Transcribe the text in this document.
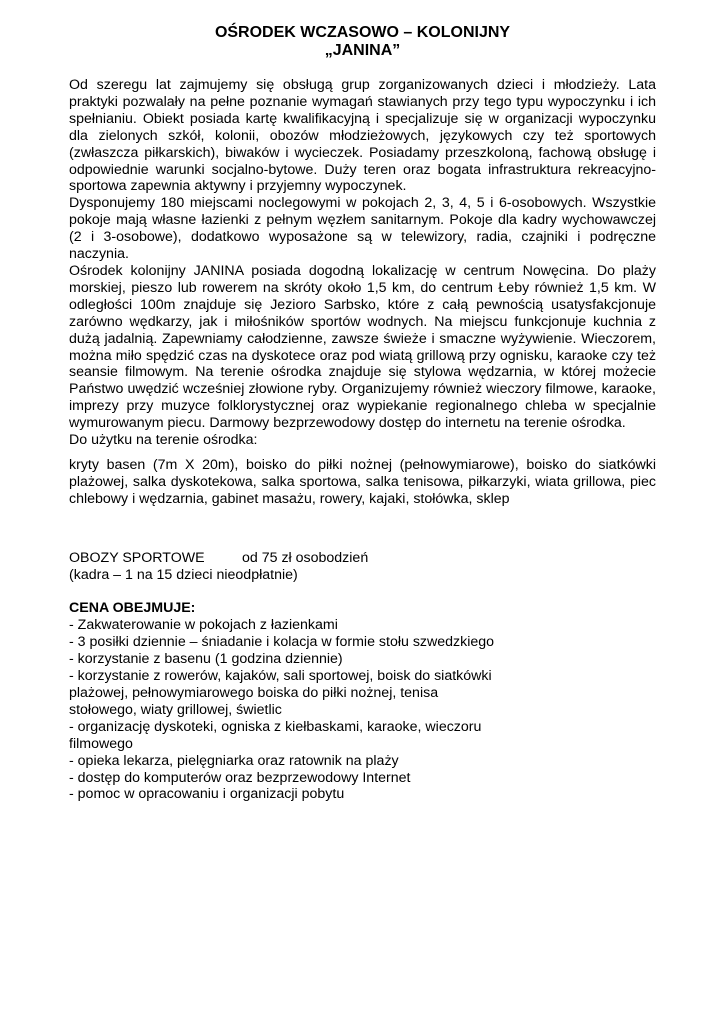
OŚRODEK WCZASOWO – KOLONIJNY
„JANINA”

Od szeregu lat zajmujemy się obsługą grup zorganizowanych dzieci i młodzieży. Lata praktyki pozwalały na pełne poznanie wymagań stawianych przy tego typu wypoczynku i ich spełnianiu. Obiekt posiada kartę kwalifikacyjną i specjalizuje się w organizacji wypoczynku dla zielonych szkół, kolonii, obozów młodzieżowych, językowych czy też sportowych (zwłaszcza piłkarskich), biwaków i wycieczek. Posiadamy przeszkoloną, fachową obsługę i odpowiednie warunki socjalno-bytowe. Duży teren oraz bogata infrastruktura rekreacyjno-sportowa zapewnia aktywny i przyjemny wypoczynek.

Dysponujemy 180 miejscami noclegowymi w pokojach 2, 3, 4, 5 i 6-osobowych. Wszystkie pokoje mają własne łazienki z pełnym węzłem sanitarnym. Pokoje dla kadry wychowawczej (2 i 3-osobowe), dodatkowo wyposażone są w telewizory, radia, czajniki i podręczne naczynia.

Ośrodek kolonijny JANINA posiada dogodną lokalizację w centrum Nowęcina. Do plaży morskiej, pieszo lub rowerem na skróty około 1,5 km, do centrum Łeby również 1,5 km. W odległości 100m znajduje się Jezioro Sarbsko, które z całą pewnością usatysfakcjonuje zarówno wędkarzy, jak i miłośników sportów wodnych. Na miejscu funkcjonuje kuchnia z dużą jadalnią. Zapewniamy całodzienne, zawsze świeże i smaczne wyżywienie. Wieczorem, można miło spędzić czas na dyskotece oraz pod wiatą grillową przy ognisku, karaoke czy też seansie filmowym. Na terenie ośrodka znajduje się stylowa wędzarnia, w której możecie Państwo uwędzić wcześniej złowione ryby. Organizujemy również wieczory filmowe, karaoke, imprezy przy muzyce folklorystycznej oraz wypiekanie regionalnego chleba w specjalnie wymurowanym piecu. Darmowy bezprzewodowy dostęp do internetu na terenie ośrodka.

Do użytku na terenie ośrodka:

kryty basen (7m X 20m), boisko do piłki nożnej (pełnowymiarowe), boisko do siatkówki plażowej, salka dyskotekowa, salka sportowa, salka tenisowa, piłkarzyki, wiata grillowa, piec chlebowy i wędzarnia, gabinet masażu, rowery, kajaki, stołówka, sklep

OBOZY SPORTOWE	od 75 zł osobodzień

(kadra – 1 na 15 dzieci nieodpłatnie)

CENA OBEJMUJE:

- Zakwaterowanie w pokojach z łazienkami
- 3 posiłki dziennie – śniadanie i kolacja w formie stołu szwedzkiego
- korzystanie z basenu (1 godzina dziennie)
- korzystanie z rowerów, kajaków, sali sportowej, boisk do siatkówki plażowej, pełnowymiarowego boiska do piłki nożnej, tenisa stołowego, wiaty grillowej, świetlic
- organizację dyskoteki, ogniska z kiełbaskami, karaoke, wieczoru filmowego
- opieka lekarza, pielęgniarka oraz ratownik na plaży
- dostęp do komputerów oraz bezprzewodowy Internet
- pomoc w opracowaniu i organizacji pobytu
